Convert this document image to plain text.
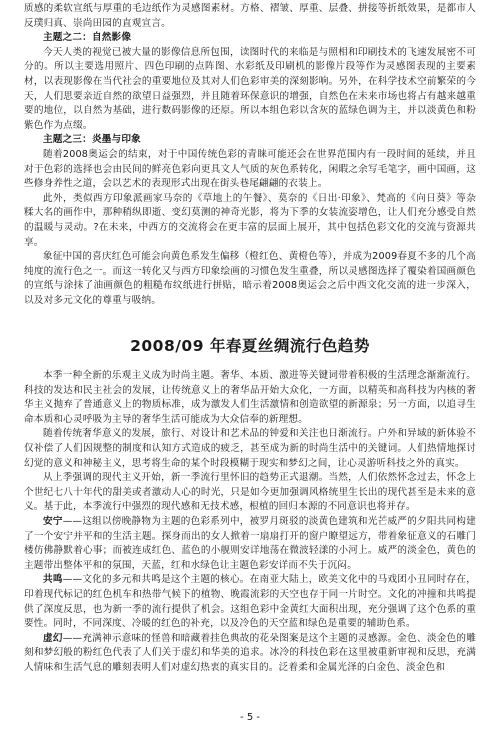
质感的柔软宣纸与厚重的毛边纸作为灵感图素材。方格、褶皱、厚重、层叠、拼接等折纸效果，是都市人反璞归真、崇尚田园的直观宣言。

主题之二：自然影像

今天人类的视觉已被大量的影像信息所包围，读图时代的来临是与照相和印刷技术的飞速发展密不可分的。所以主要选用照片、四色印刷的点阵图、水彩纸及印刷机的影像片段等作为灵感图表现的主要素材，以表现影像在当代社会的重要地位及其对人们色彩审美的深刻影响。另外，在科学技术空前繁荣的今天，人们思要亲近自然的欲望日益强烈，并且随着环保意识的增强，自然色在未来市场也将占有越来越重要的地位，以自然为基础，进行数码影像的还原。所以本组色彩以含灰的蓝绿色调为主，并以淡黄色和粉紫色作为点缀。

主题之三：炎墨与印象

随着2008奥运会的结束，对于中国传统色彩的青睐可能还会在世界范围内有一段时间的延续，并且对于色彩的选择也会由民间的鲜亮色彩向更具文人气质的灰色系转化，闲暇之余写毛笔字，画中国画，这些修身养性之道，会以艺术的表现形式出现在街头巷尾翩翩的衣装上。

此外，类似西方印象派画家马奈的《草地上的午餐》、莫奈的《日出·印象》、梵高的《向日葵》等杂糅大名的画作中，那种稍纵即逝、变幻莫测的神奇光影，将为下季的女装流姿增色，让人们充分感受自然的温暖与灵动。?在未来，中西方的交流将会在更丰富的层面上展开，其中包括色彩文化的交流与资源共享。

象征中国的喜庆红色可能会向黄色系发生偏移（橙红色、黄橙色等），并成为2009春夏不多的几个高纯度的流行色之一。而这一转化又与西方印象绘画的习惯色发生重叠，所以灵感图选择了覆染着国画颜色的宣纸与涂抹了油画颜色的粗糙布纹纸进行拼贴，暗示着2008奥运会之后中西文化交流的进一步深入，以及对多元文化的尊重与吸纳。

2008/09 年春夏丝绸流行色趋势

本季一种全新的乐观主义成为时尚主题。奢华、本质、激进等关键词带着积极的生活理念渐渐流行。科技的发达和民主社会的发展，让传统意义上的奢华品开始大众化，一方面，以精英和高科技为内核的奢华主义抛弃了普通意义上的物质标准，成为激发人们生活激情和创造欲望的新源泉；另一方面，以追寻生命本质和心灵呼吸为主导的奢华生活可能成为大众信奉的新理想。

随着传统奢华意义的发展，旅行、对设计和艺术品的钟爱和关注也日渐流行。户外和异域的新体验不仅补偿了人们因规整的制度和认知方式造成的疲乏，甚至成为新的时尚生活中的关键词。人们热情地探讨幻觉的意义和神秘主义，思考将生命的某个时段模糊于现实和梦幻之间，让心灵游听科技之外的真实。

从上季强调的现代主义开始，新一季流行里怀旧的趋势正式退潮。当然，人们依然怀念过去，怀念上个世纪七八十年代的甜美或者激动人心的时光，只是如今更加强调风格统里生长出的现代甚至是未来的意义。基于此，本季流行中强烈的现代感和无技术感，根植的回归本源的不同意识也将并存。

安宁——这组以傍晚静物为主题的色彩系列中，被罗月斑驳的淡黄色建筑和光芒威严的夕阳共同构建了一个安宁并平和的生活主题。探身而出的女人掀着一扇扇打开的窗户瞭望远方，带着象征意义的石雕门楼仿佛静默着心事；而被连成红色、蓝色的小舰则安详地荡在微波轻漾的小河上。威严的淡金色，黄色的主题带出整体平和的氛围，天蓝，红和水绿色让主题色彩安详而不失于沉闷。

共鸣——文化的多元和共鸣是这个主题的核心。在南亚大陆上，欧美文化中的马戏团小丑同时存在，印着现代标记的红色机车和热带气候下的植物、晚霞流彩的天空也存于同一片时空。文化的冲撞和共鸣提供了深度反思，也为新一季的流行提供了机会。这组色彩中金黄红大面积出现，充分强调了这个色系的重要性。同时，不同深度、冷暖的红色的补充，以及冷色的天空蓝和绿色是重要的辅助色系。

虚幻——充满神示意味的怪兽和暗藏着挂色典故的花朵图案是这个主题的灵感源。金色、淡金色的雕刻和梦幻般的粉红色代表了人们关于虚幻和华美的追求。冰冷的科技色彩在这里被重新审视和反思，充满人情味和生活气息的雕刻表明人们对虚幻热衷的真实目的。泛着柔和金属光泽的白金色、淡金色和

- 5 -
